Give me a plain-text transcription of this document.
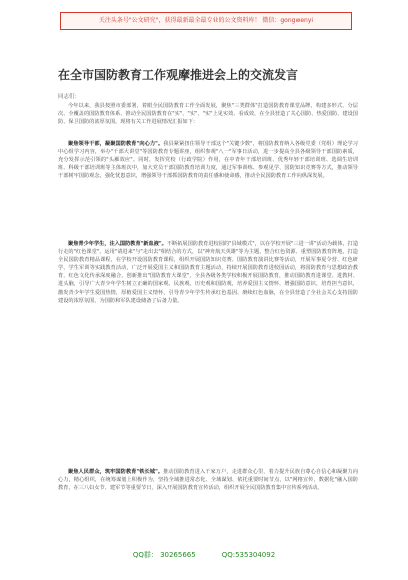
关注头条号"公文研究"，获得最新最全最专业的公文资料库！ 微信：gongwenyi
在全市国防教育工作观摩推进会上的交流发言
同志们：

今年以来，我县按照市委部署，着眼全民国防教育工作全面发展，聚焦"三类群体"打造国防教育课堂品牌，构建多形式、分层次、全覆盖的国防教育体系，推动全民国防教育在"实"、"实"、"实"上见实效、看成效，在全县营造了关心国防、热爱国防、建设国防、保卫国防的浓厚氛围。现将有关工作进展情况汇报如下：

聚焦领导干部，凝聚国防教育"向心力"。我县紧紧扭住领导干部这个"关键少数"，将国防教育纳入各级党委（党组）理论学习中心组学习内容，举办"千部大讲堂"等国防教育专题讲座，组织参观"八一"军事日活动，进一步提高全县各级领导干部国防素质，充分发挥示范引领的"头雁效应"。同时，发挥党校（行政学院）作用，在中青年干部培训班、优秀年轻干部培训班、选调生培训班、科级干部培训班等主体班次中，加大党员干部国防教育培训力度，通过军事训练、参观见学、国防知识竞赛等方式，推动领导干部树牢国防观念，强化忧患意识，增强领导干部抓国防教育的责任感和使命感，推动全民国防教育工作向纵深发展。

聚焦青少年学生，注入国防教育"新血液"。不断拓展国防教育进校园的"县域模式"，以在学校开展"三进一讲"活动为载体，打造行走的"红色课堂"，运用"请进来"与"走出去"相结合的方式，以"神舟航天英雄"等为主题，整合红色资源、重塑国防教育阵地，打造全民国防教育精品课程，在学校开设国防教育课程，组织开展国防知识竞赛、国防教育演讲比赛等活动，开展军事夏令营、红色研学、学生军训等实践教育活动，广泛开展爱国主义和国防教育主题活动，持续开展国防教育进校园活动，将国防教育与思想政治教育、红色文化传承深度融合，创新推出"国防教育大课堂"，全县各级各类学校积极开展国防教育，推动国防教育进课堂、进教材、进头脑，引导广大青少年学生树立正确的国家观、民族观、历史观和国防观，培养爱国主义情怀，增强国防意识，培育担当意识，激发青少年学生爱国热情，厚植爱国主义情怀，引导青少年学生传承红色基因、赓续红色血脉，在全县营造了全社会关心支持国防建设的浓厚氛围，为国防和军队建设储备了后备力量。

聚焦人民群众，筑牢国防教育"铁长城"。推动国防教育进入千家万户，走进群众心里，着力提升民族自尊心自信心和凝聚力向心力，精心组织，在统筹谋划上积极作为，坚持全域推进常态化、全域谋划、依托重要时间节点，以"网格宣传，数据化"融入国防教育，在三八妇女节、建军节等重要节日，深入开展国防教育宣传活动，组织开展全民国防教育集中宣传系列活动。

QQ群： 30265665	QQ:535304092
